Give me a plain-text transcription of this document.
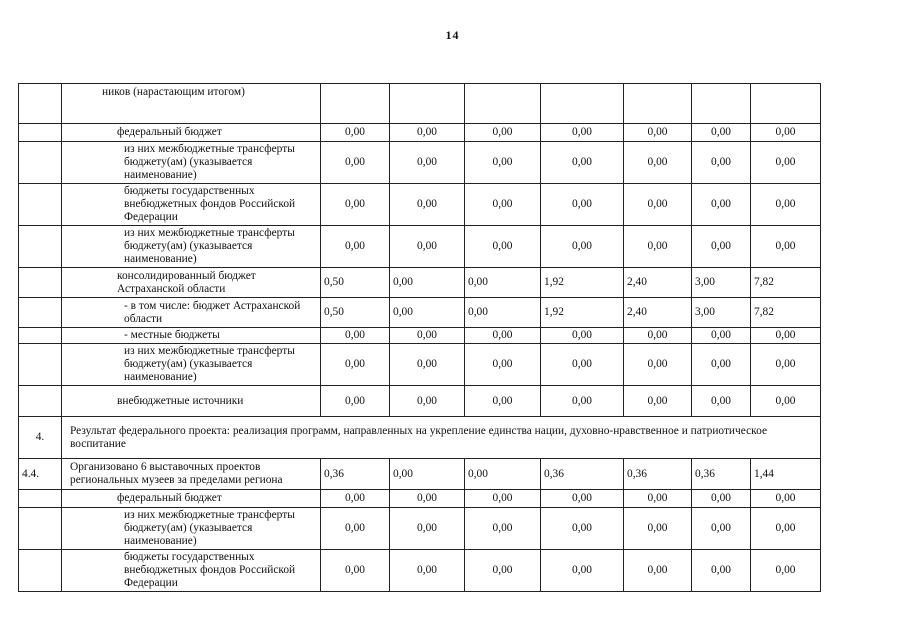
14
	ников (нарастающим итогом)							
	федеральный бюджет	0,00	0,00	0,00	0,00	0,00	0,00	0,00
	из них межбюджетные трансферты бюджету(ам) (указывается наименование)	0,00	0,00	0,00	0,00	0,00	0,00	0,00
	бюджеты государственных внебюджетных фондов Российской Федерации	0,00	0,00	0,00	0,00	0,00	0,00	0,00
	из них межбюджетные трансферты бюджету(ам) (указывается наименование)	0,00	0,00	0,00	0,00	0,00	0,00	0,00
	консолидированный бюджет Астраханской области	0,50	0,00	0,00	1,92	2,40	3,00	7,82
	- в том числе: бюджет Астраханской области	0,50	0,00	0,00	1,92	2,40	3,00	7,82
	- местные бюджеты	0,00	0,00	0,00	0,00	0,00	0,00	0,00
	из них межбюджетные трансферты бюджету(ам) (указывается наименование)	0,00	0,00	0,00	0,00	0,00	0,00	0,00
	внебюджетные источники	0,00	0,00	0,00	0,00	0,00	0,00	0,00
4.	Результат федерального проекта: реализация программ, направленных на укрепление единства нации, духовно-нравственное и патриотическое воспитание							
4.4.	Организовано 6 выставочных проектов региональных музеев за пределами региона	0,36	0,00	0,00	0,36	0,36	0,36	1,44
	федеральный бюджет	0,00	0,00	0,00	0,00	0,00	0,00	0,00
	из них межбюджетные трансферты бюджету(ам) (указывается наименование)	0,00	0,00	0,00	0,00	0,00	0,00	0,00
	бюджеты государственных внебюджетных фондов Российской Федерации	0,00	0,00	0,00	0,00	0,00	0,00	0,00
